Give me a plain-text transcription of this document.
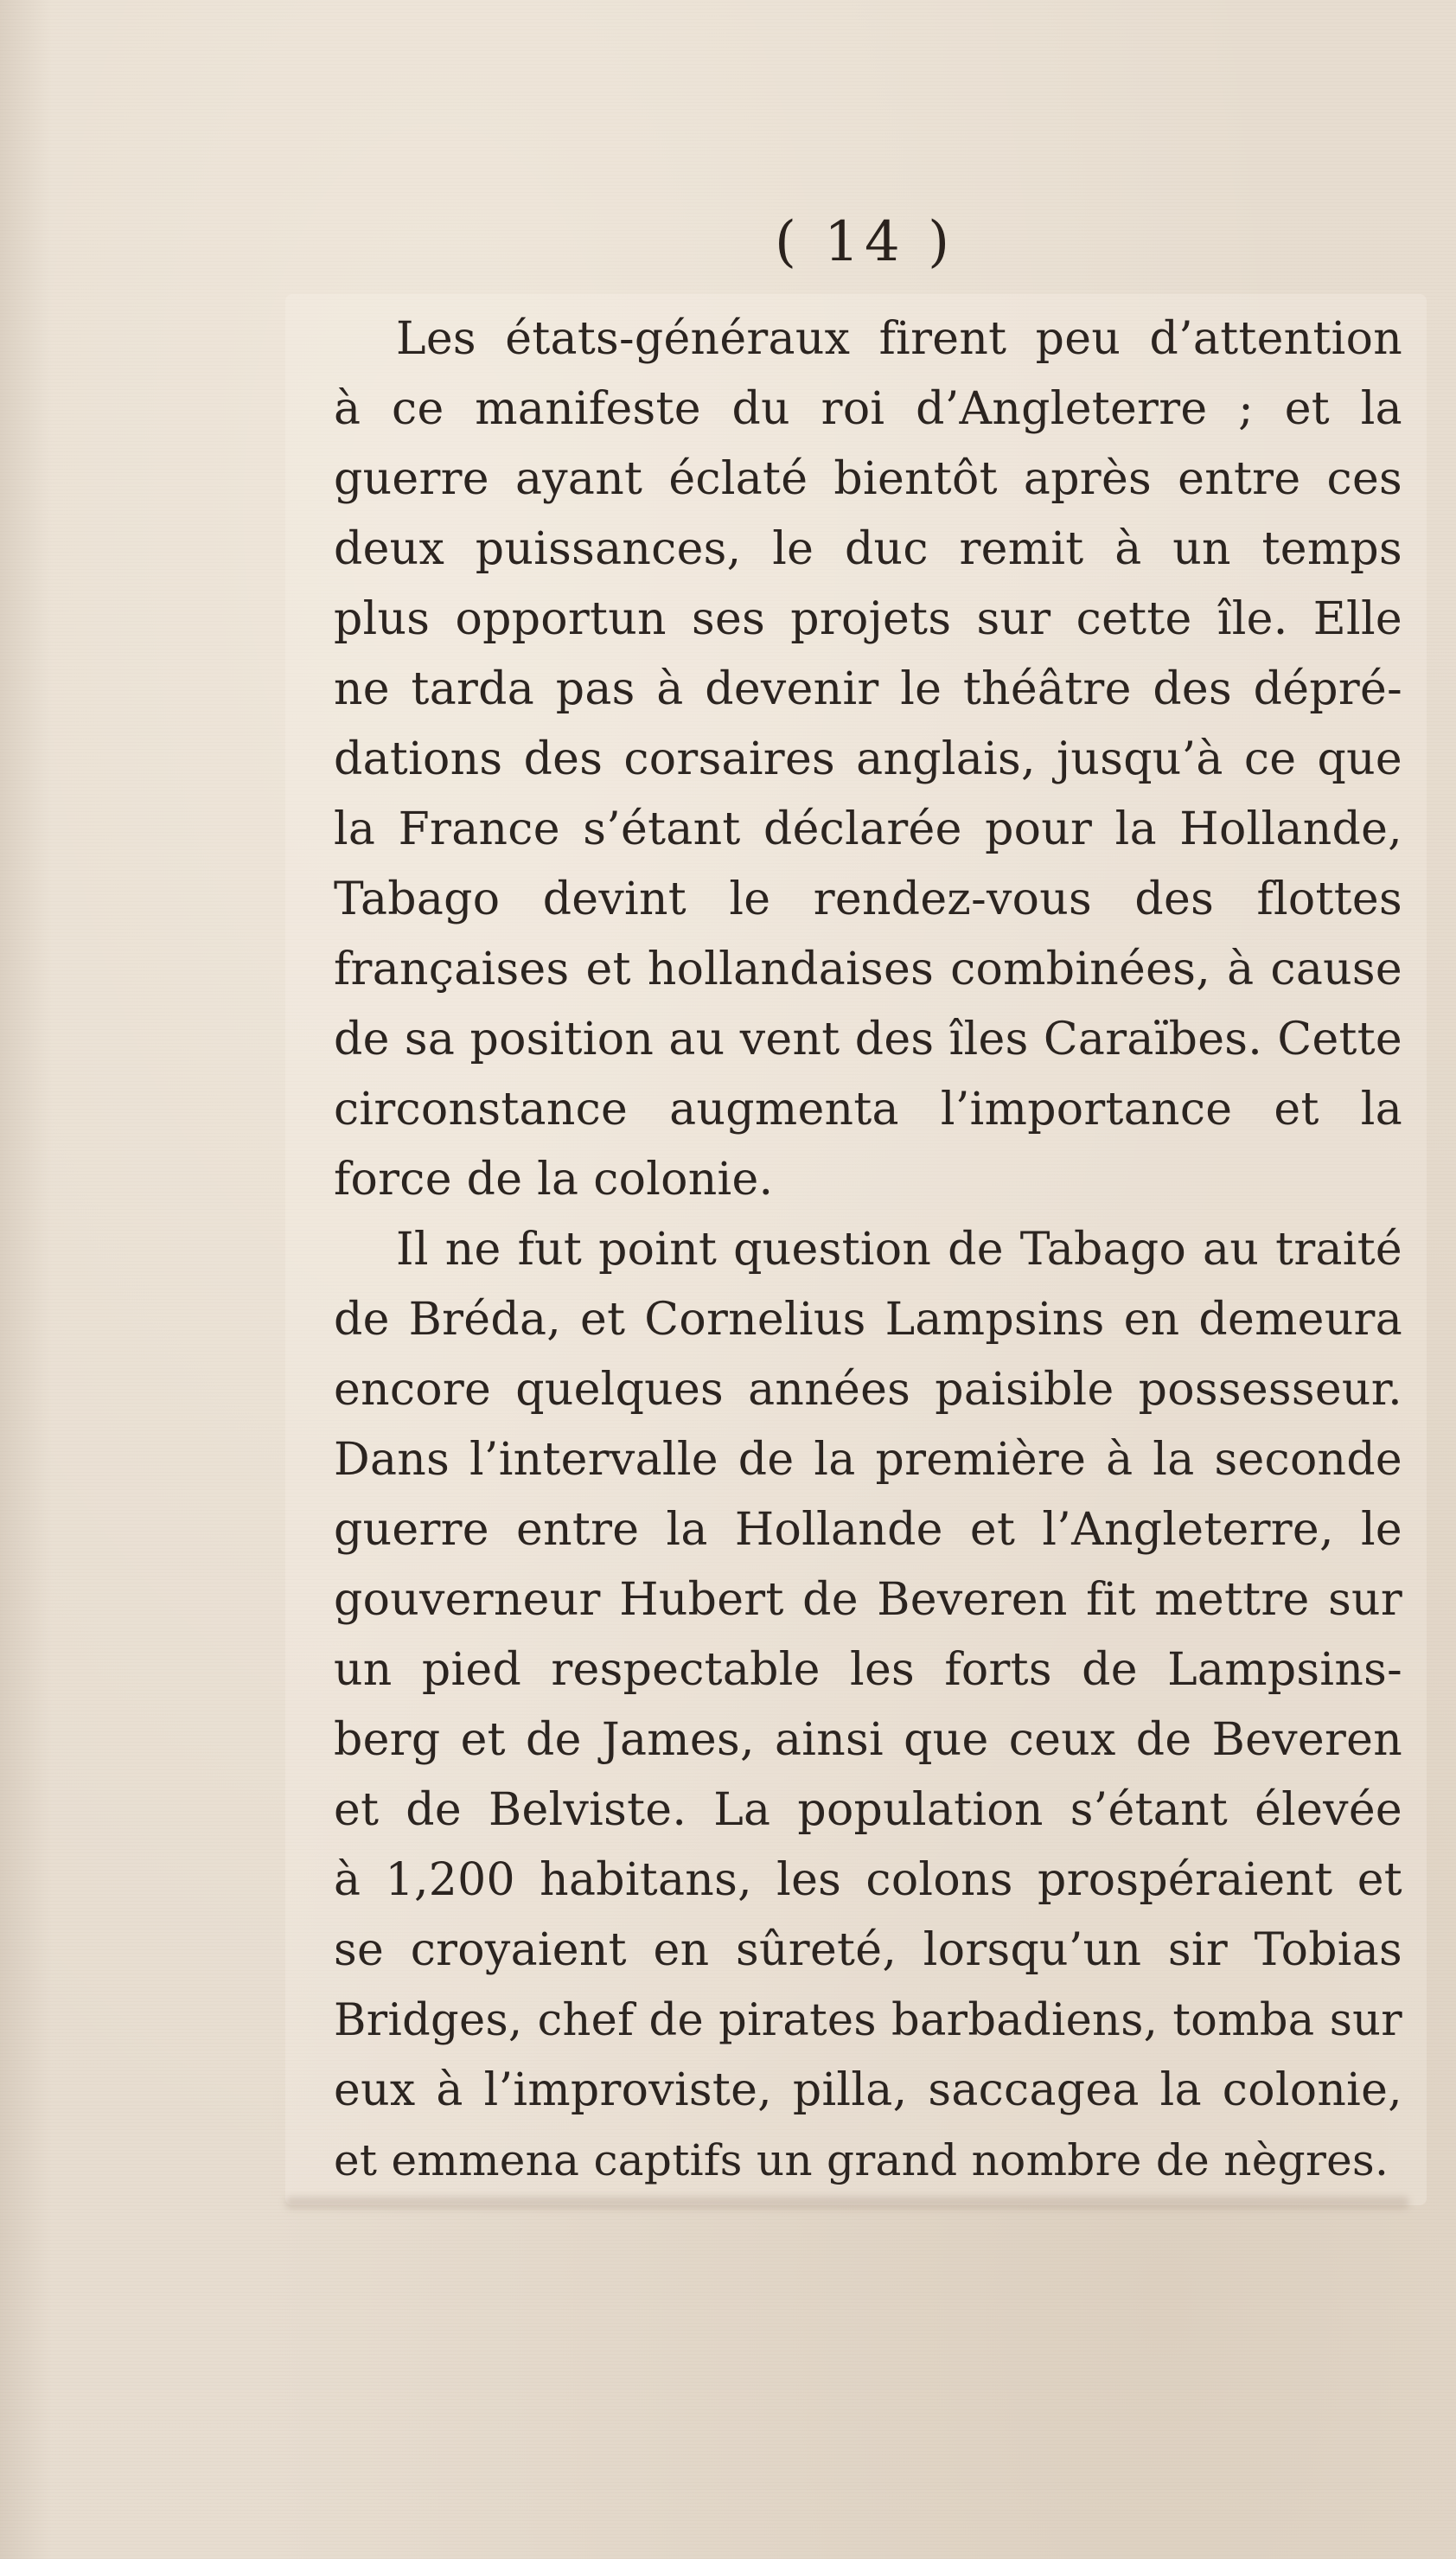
( 14 )
Les états-généraux firent peu d’attention
à ce manifeste du roi d’Angleterre ; et la
guerre ayant éclaté bientôt après entre ces
deux puissances, le duc remit à un temps
plus opportun ses projets sur cette île. Elle
ne tarda pas à devenir le théâtre des dépré-
dations des corsaires anglais, jusqu’à ce que
la France s’étant déclarée pour la Hollande,
Tabago devint le rendez-vous des flottes
françaises et hollandaises combinées, à cause
de sa position au vent des îles Caraïbes. Cette
circonstance augmenta l’importance et la
force de la colonie.
Il ne fut point question de Tabago au traité
de Bréda, et Cornelius Lampsins en demeura
encore quelques années paisible possesseur.
Dans l’intervalle de la première à la seconde
guerre entre la Hollande et l’Angleterre, le
gouverneur Hubert de Beveren fit mettre sur
un pied respectable les forts de Lampsins-
berg et de James, ainsi que ceux de Beveren
et de Belviste. La population s’étant élevée
à 1,200 habitans, les colons prospéraient et
se croyaient en sûreté, lorsqu’un sir Tobias
Bridges, chef de pirates barbadiens, tomba sur
eux à l’improviste, pilla, saccagea la colonie,
et emmena captifs un grand nombre de nègres.
